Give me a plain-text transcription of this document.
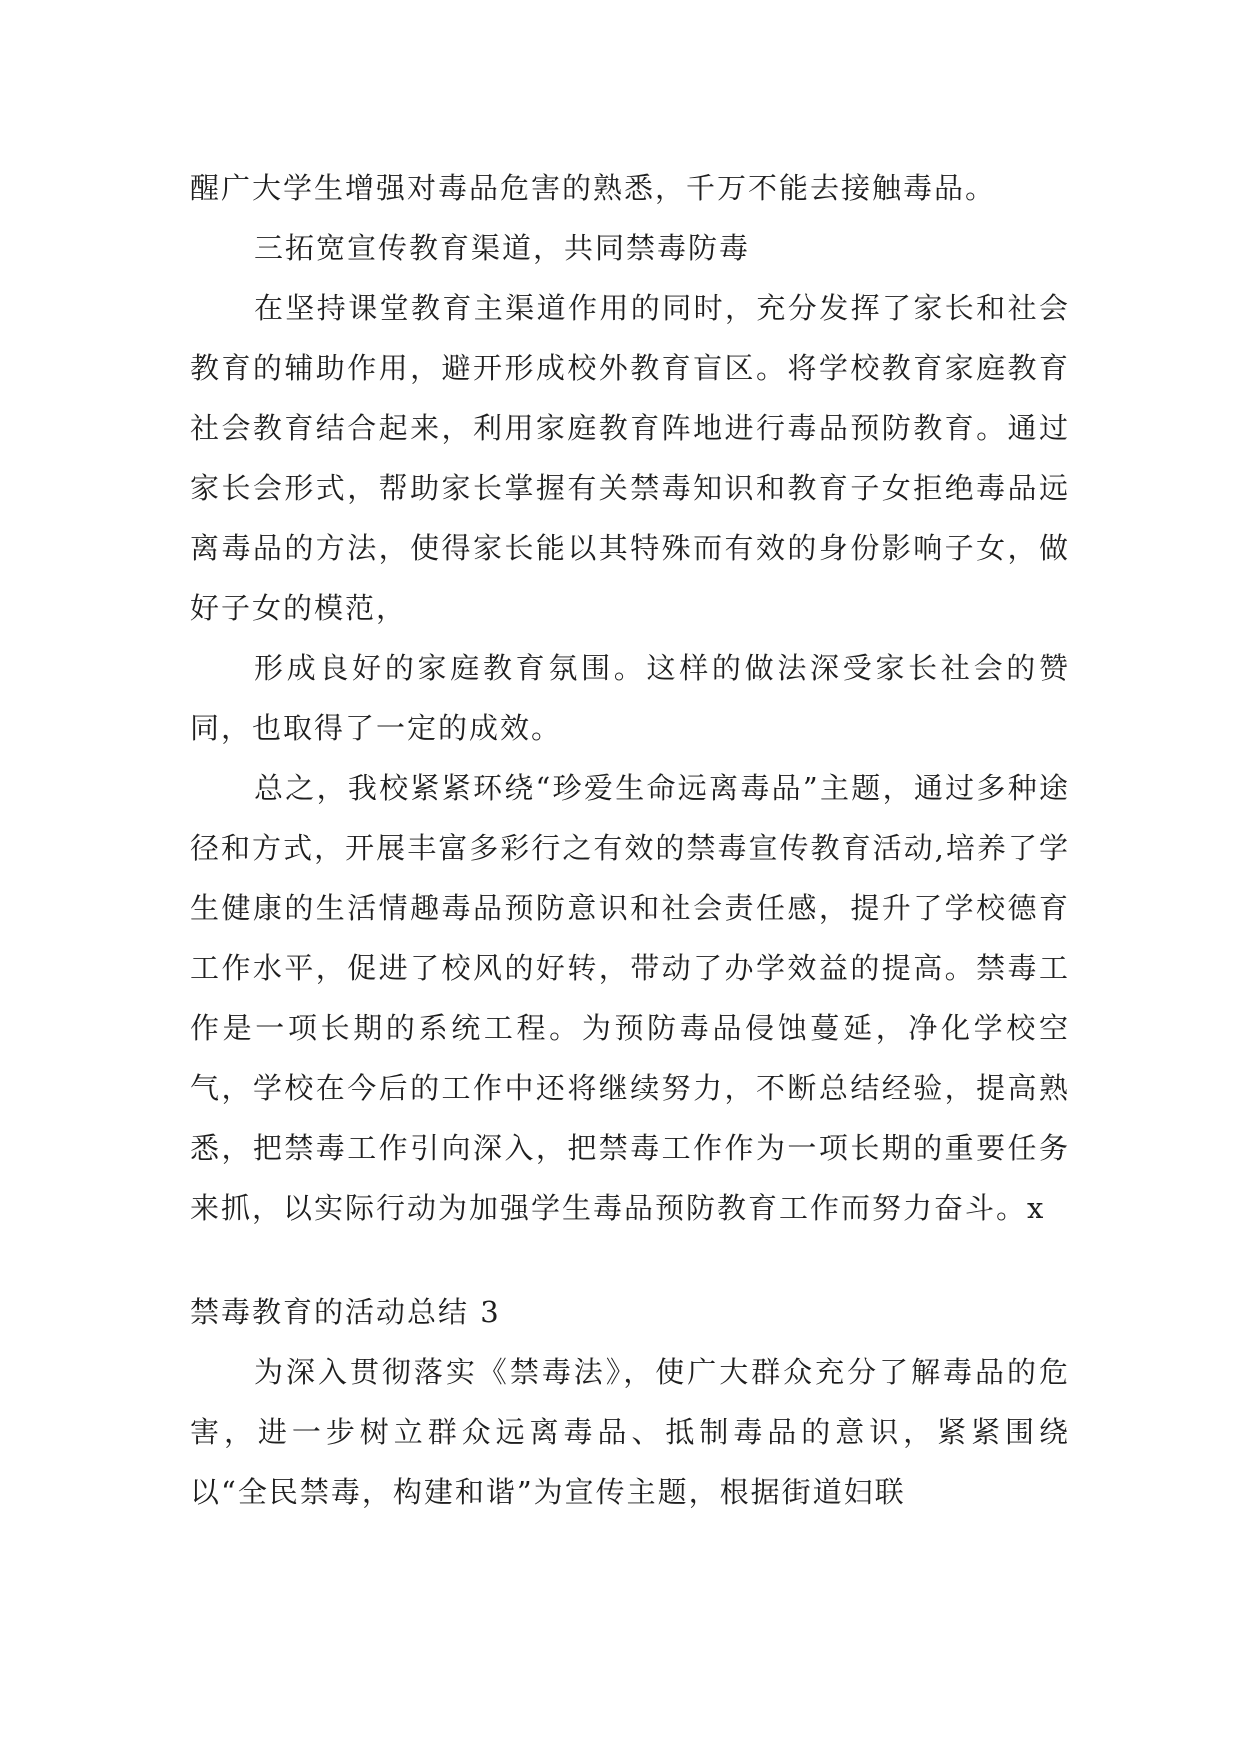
醒广大学生增强对毒品危害的熟悉，千万不能去接触毒品。

三拓宽宣传教育渠道，共同禁毒防毒

在坚持课堂教育主渠道作用的同时，充分发挥了家长和社会教育的辅助作用，避开形成校外教育盲区。将学校教育家庭教育社会教育结合起来，利用家庭教育阵地进行毒品预防教育。通过家长会形式，帮助家长掌握有关禁毒知识和教育子女拒绝毒品远离毒品的方法，使得家长能以其特殊而有效的身份影响子女，做好子女的模范，

形成良好的家庭教育氛围。这样的做法深受家长社会的赞同，也取得了一定的成效。

总之，我校紧紧环绕“珍爱生命远离毒品”主题，通过多种途径和方式，开展丰富多彩行之有效的禁毒宣传教育活动,培养了学生健康的生活情趣毒品预防意识和社会责任感，提升了学校德育工作水平，促进了校风的好转，带动了办学效益的提高。禁毒工作是一项长期的系统工程。为预防毒品侵蚀蔓延，净化学校空气，学校在今后的工作中还将继续努力，不断总结经验，提高熟悉，把禁毒工作引向深入，把禁毒工作作为一项长期的重要任务来抓，以实际行动为加强学生毒品预防教育工作而努力奋斗。x

禁毒教育的活动总结 3

为深入贯彻落实《禁毒法》，使广大群众充分了解毒品的危害，进一步树立群众远离毒品、抵制毒品的意识，紧紧围绕以“全民禁毒，构建和谐”为宣传主题，根据街道妇联
